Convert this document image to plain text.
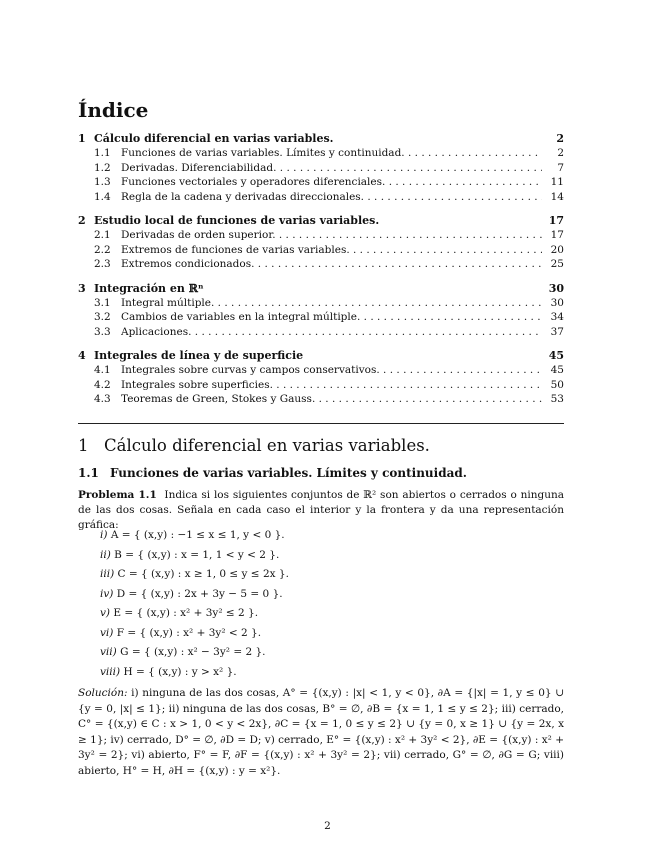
Índice
1 Cálculo diferencial en varias variables.	2
1.1 Funciones de varias variables. Límites y continuidad. . . .	2
1.2 Derivadas. Diferenciabilidad. . . .	7
1.3 Funciones vectoriales y operadores diferenciales. . . .	11
1.4 Regla de la cadena y derivadas direccionales. . . .	14
2 Estudio local de funciones de varias variables.	17
2.1 Derivadas de orden superior. . . .	17
2.2 Extremos de funciones de varias variables. . . .	20
2.3 Extremos condicionados. . . .	25
3 Integración en ℝⁿ	30
3.1 Integral múltiple. . . .	30
3.2 Cambios de variables en la integral múltiple. . . .	34
3.3 Aplicaciones. . . .	37
4 Integrales de línea y de superficie	45
4.1 Integrales sobre curvas y campos conservativos. . . .	45
4.2 Integrales sobre superficies. . . .	50
4.3 Teoremas de Green, Stokes y Gauss. . . .	53
1 Cálculo diferencial en varias variables.
1.1 Funciones de varias variables. Límites y continuidad.
Problema 1.1 Indica si los siguientes conjuntos de ℝ² son abiertos o cerrados o ninguna de las dos cosas. Señala en cada caso el interior y la frontera y da una representación gráfica:
i) A = { (x,y) : −1 ≤ x ≤ 1, y < 0 }.
ii) B = { (x,y) : x = 1, 1 < y < 2 }.
iii) C = { (x,y) : x ≥ 1, 0 ≤ y ≤ 2x }.
iv) D = { (x,y) : 2x + 3y − 5 = 0 }.
v) E = { (x,y) : x² + 3y² ≤ 2 }.
vi) F = { (x,y) : x² + 3y² < 2 }.
vii) G = { (x,y) : x² − 3y² = 2 }.
viii) H = { (x,y) : y > x² }.
Solución: i) ninguna de las dos cosas, A° = {(x,y) : |x| < 1, y < 0}, ∂A = {|x| = 1, y ≤ 0} ∪ {y = 0, |x| ≤ 1}; ii) ninguna de las dos cosas, B° = ∅, ∂B = {x = 1, 1 ≤ y ≤ 2}; iii) cerrado, C° = {(x,y) ∈ C : x > 1, 0 < y < 2x}, ∂C = {x = 1, 0 ≤ y ≤ 2} ∪ {y = 0, x ≥ 1} ∪ {y = 2x, x ≥ 1}; iv) cerrado, D° = ∅, ∂D = D; v) cerrado, E° = {(x,y) : x² + 3y² < 2}, ∂E = {(x,y) : x² + 3y² = 2}; vi) abierto, F° = F, ∂F = {(x,y) : x² + 3y² = 2}; vii) cerrado, G° = ∅, ∂G = G; viii) abierto, H° = H, ∂H = {(x,y) : y = x²}.
2
